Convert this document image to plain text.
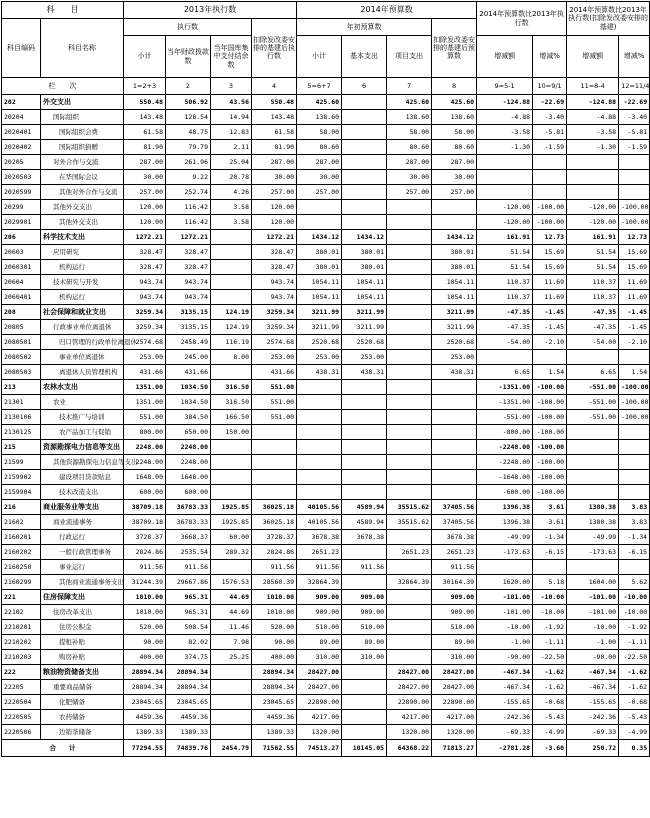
科　　目		2013年执行数				2014年预算数				2014年预算数比2013年执行数		2014年预算数比2013年执行数(扣除发改委安排的基建)	
科目编码	科目名称	执行数			扣除发改委安排的基建后执行数	年初预算数			扣除发改委安排的基建后预算数				
		小计	当年财政拨款数	当年国库集中支付结余数		小计	基本支出	项目支出		增减额	增减%	增减额	增减%
栏　　次		1=2+3	2	3	4	5=6+7	6	7	8	9=5-1	10=9/1	11=8-4	12=11/4
202	外交支出	550.48	506.92	43.56	550.48	425.60		425.60	425.60	-124.88	-22.69	-124.88	-22.69
20204	国际组织	143.48	128.54	14.94	143.48	138.60		138.60	138.60	-4.88	-3.40	-4.88	-3.40
2020401	国际组织会费	61.58	48.75	12.83	61.58	58.00		58.00	58.00	-3.58	-5.81	-3.58	-5.81
2020402	国际组织捐赠	81.90	79.79	2.11	81.90	80.60		80.60	80.60	-1.30	-1.59	-1.30	-1.59
20205	对外合作与交流	287.00	261.96	25.04	287.00	287.00		287.00	287.00				
2020503	在华国际会议	30.00	9.22	20.78	30.00	30.00		30.00	30.00				
2020599	其他对外合作与交流	257.00	252.74	4.26	257.00	257.00		257.00	257.00				
20299	其他外交支出	120.00	116.42	3.58	120.00					-120.00	-100.00	-120.00	-100.00
2029901	其他外交支出	120.00	116.42	3.58	120.00					-120.00	-100.00	-120.00	-100.00
206	科学技术支出	1272.21	1272.21		1272.21	1434.12	1434.12		1434.12	161.91	12.73	161.91	12.73
20603	应用研究	328.47	328.47		328.47	380.01	380.01		380.01	51.54	15.69	51.54	15.69
2060301	机构运行	328.47	328.47		328.47	380.01	380.01		380.01	51.54	15.69	51.54	15.69
20604	技术研究与开发	943.74	943.74		943.74	1054.11	1054.11		1054.11	110.37	11.69	110.37	11.69
2060401	机构运行	943.74	943.74		943.74	1054.11	1054.11		1054.11	110.37	11.69	110.37	11.69
208	社会保障和就业支出	3259.34	3135.15	124.19	3259.34	3211.99	3211.99		3211.99	-47.35	-1.45	-47.35	-1.45
20805	行政事业单位离退休	3259.34	3135.15	124.19	3259.34	3211.99	3211.99		3211.99	-47.35	-1.45	-47.35	-1.45
2080501	归口管理的行政单位离退休	2574.68	2458.49	116.19	2574.68	2520.68	2520.68		2520.68	-54.00	-2.10	-54.00	-2.10
2080502	事业单位离退休	253.00	245.00	8.00	253.00	253.00	253.00		253.00				
2080503	离退休人员管理机构	431.66	431.66		431.66	438.31	438.31		438.31	6.65	1.54	6.65	1.54
213	农林水支出	1351.00	1034.50	316.50	551.00					-1351.00	-100.00	-551.00	-100.00
21301	农业	1351.00	1034.50	316.50	551.00					-1351.00	-100.00	-551.00	-100.00
2130106	技术推广与培训	551.00	384.50	166.50	551.00					-551.00	-100.00	-551.00	-100.00
2130125	农产品加工与促销	800.00	650.00	150.00						-800.00	-100.00		
215	资源勘探电力信息等支出	2248.00	2248.00							-2248.00	-100.00		
21599	其他资源勘探电力信息等支出	2248.00	2248.00							-2248.00	-100.00		
2159902	建设项目贷款贴息	1648.00	1648.00							-1648.00	-100.00		
2159904	技术改造支出	600.00	600.00							-600.00	-100.00		
216	商业服务业等支出	38709.18	36783.33	1925.85	36025.18	40105.56	4589.94	35515.62	37405.56	1396.38	3.61	1380.38	3.83
21602	商业流通事务	38709.18	36783.33	1925.85	36025.18	40105.56	4589.94	35515.62	37405.56	1396.38	3.61	1380.38	3.83
2160201	行政运行	3728.37	3668.37	60.00	3728.37	3678.38	3678.38		3678.38	-49.99	-1.34	-49.99	-1.34
2160202	一般行政管理事务	2824.86	2535.54	289.32	2824.86	2651.23		2651.23	2651.23	-173.63	-6.15	-173.63	-6.15
2160250	事业运行	911.56	911.56		911.56	911.56	911.56		911.56				
2160299	其他商业流通事务支出	31244.39	29667.86	1576.53	28560.39	32864.39		32864.39	30164.39	1620.00	5.18	1604.00	5.62
221	住房保障支出	1010.00	965.31	44.69	1010.00	909.00	909.00		909.00	-101.00	-10.00	-101.00	-10.00
22102	住房改革支出	1010.00	965.31	44.69	1010.00	909.00	909.00		909.00	-101.00	-10.00	-101.00	-10.00
2210201	住房公积金	520.00	508.54	11.46	520.00	510.00	510.00		510.00	-10.00	-1.92	-10.00	-1.92
2210202	提租补贴	90.00	82.02	7.98	90.00	89.00	89.00		89.00	-1.00	-1.11	-1.00	-1.11
2210203	购房补贴	400.00	374.75	25.25	400.00	310.00	310.00		310.00	-90.00	-22.50	-90.00	-22.50
222	粮油物资储备支出	28894.34	28894.34		28894.34	28427.00		28427.00	28427.00	-467.34	-1.62	-467.34	-1.62
22205	重要商品储备	28894.34	28894.34		28894.34	28427.00		28427.00	28427.00	-467.34	-1.62	-467.34	-1.62
2220504	化肥储备	23045.65	23045.65		23045.65	22890.00		22890.00	22890.00	-155.65	-0.68	-155.65	-0.68
2220505	农药储备	4459.36	4459.36		4459.36	4217.00		4217.00	4217.00	-242.36	-5.43	-242.36	-5.43
2220506	边销茶储备	1389.33	1389.33		1389.33	1320.00		1320.00	1320.00	-69.33	-4.99	-69.33	-4.99
合　　计		77294.55	74839.76	2454.79	71562.55	74513.27	10145.05	64368.22	71813.27	-2781.28	-3.60	250.72	0.35
